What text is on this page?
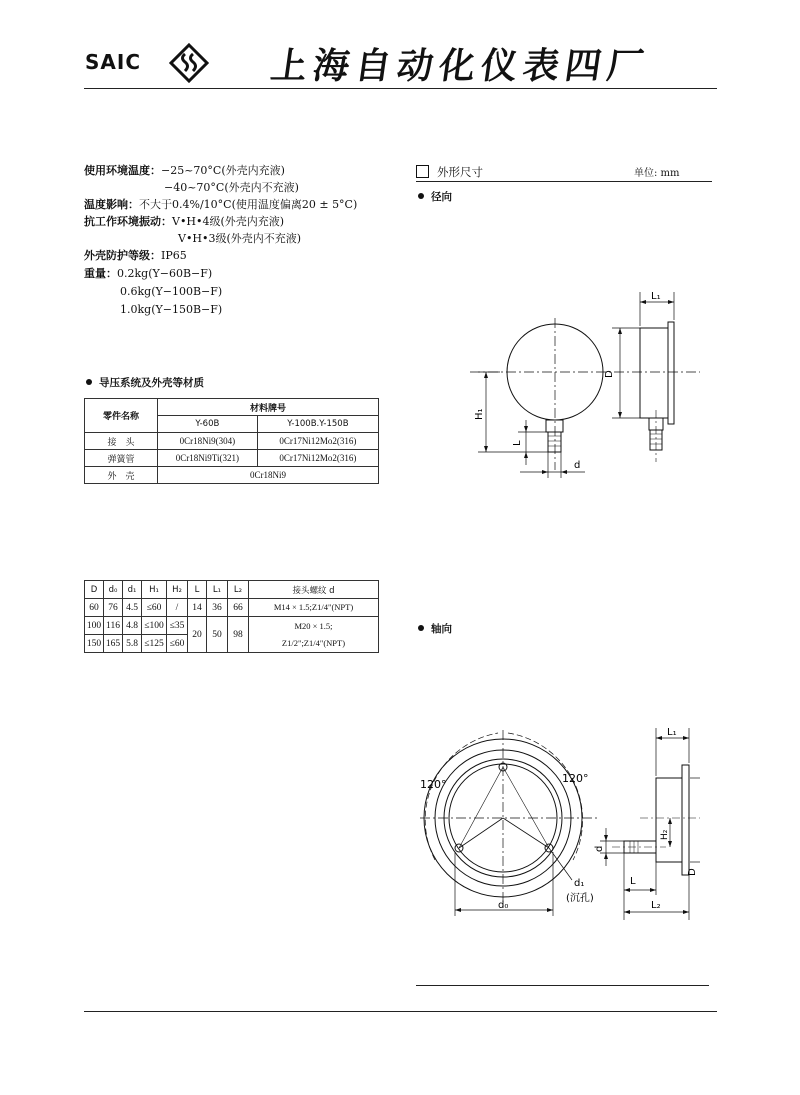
SAIC	上海自动化仪表四厂
使用环境温度：−25~70°C(外壳内充液)
−40~70°C(外壳内不充液)
温度影响：不大于0.4%/10°C(使用温度偏离20 ± 5°C)
抗工作环境振动：V•H•4级(外壳内充液)
V•H•3级(外壳内不充液)
外壳防护等级：IP65
重量：0.2kg(Y−60B−F)
0.6kg(Y−100B−F)
1.0kg(Y−150B−F)
导压系统及外壳等材质
零件名称	材料牌号	
	Y-60B	Y-100B.Y-150B
接　头	0Cr18Ni9(304)	0Cr17Ni12Mo2(316)
弹簧管	0Cr18Ni9Ti(321)	0Cr17Ni12Mo2(316)
外　壳	0Cr18Ni9	
D	d₀	d₁	H₁	H₂	L	L₁	L₂	接头螺纹 d
60	76	4.5	≤60	/	14	36	66	M14 × 1.5;Z1/4"(NPT)
100	116	4.8	≤100	≤35	20	50	98	M20 × 1.5;
Z1/2";Z1/4"(NPT)

150	165	5.8	≤125	≤60				
外形尺寸	单位: mm
径向
L₁
D
H₁
L
d
轴向
120°	120°
L₁
H₂
d
L
D
d₁
(沉孔)
d₀	L₂
